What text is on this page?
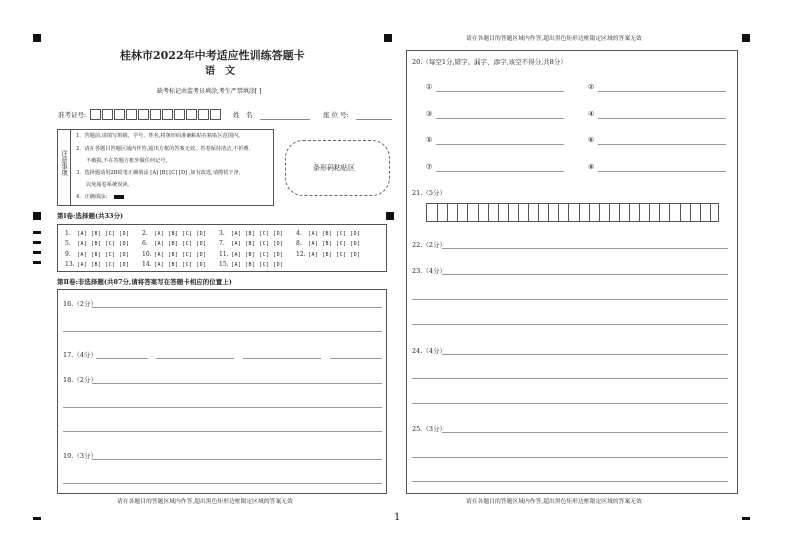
桂林市2022年中考适应性训练答题卡
语　文
缺考标记由监考员填涂,考生严禁填涂[ ]
准考证号:	姓　名	座 位 号:
注意事项
1．答题前,请填写班级、学号、姓名,将条形码准确粘贴在粘贴区范围内。
2．请在各题目答题区域内作答,超出方框的答案无效。答卷保持清洁,不折叠、
不破损,不在答题方框外做任何记号。
3．选择题请用2B铅笔正确填涂 [A] [B] [C] [D] ,如有改选,请擦拭干净,
以免阅卷系统误读。
4．正确填涂:
条形码粘贴区
第Ⅰ卷:选择题(共33分)
1. [A] [B] [C] [D] 2. [A] [B] [C] [D] 3. [A] [B] [C] [D] 4. [A] [B] [C] [D]
5. [A] [B] [C] [D] 6. [A] [B] [C] [D] 7. [A] [B] [C] [D] 8. [A] [B] [C] [D]
9. [A] [B] [C] [D] 10. [A] [B] [C] [D] 11. [A] [B] [C] [D] 12. [A] [B] [C] [D]
13. [A] [B] [C] [D] 14. [A] [B] [C] [D] 15. [A] [B] [C] [D]
第Ⅱ卷:非选择题(共87分,请将答案写在答题卡相应的位置上)
16.（2分）
17.（4分）
18.（2分）
19.（3分）
请在各题目的答题区域内作答,超出黑色矩形边框限定区域的答案无效
1
请在各题目的答题区域内作答,超出黑色矩形边框限定区域的答案无效
20.（每空1分,错字、漏字、添字,该空不得分,共8分）
①	②
③	④
⑤	⑥
⑦	⑧
21.（5分）
22.（2分）
23.（4分）
24.（4分）
25.（3分）
请在各题目的答题区域内作答,超出黑色矩形边框限定区域的答案无效
